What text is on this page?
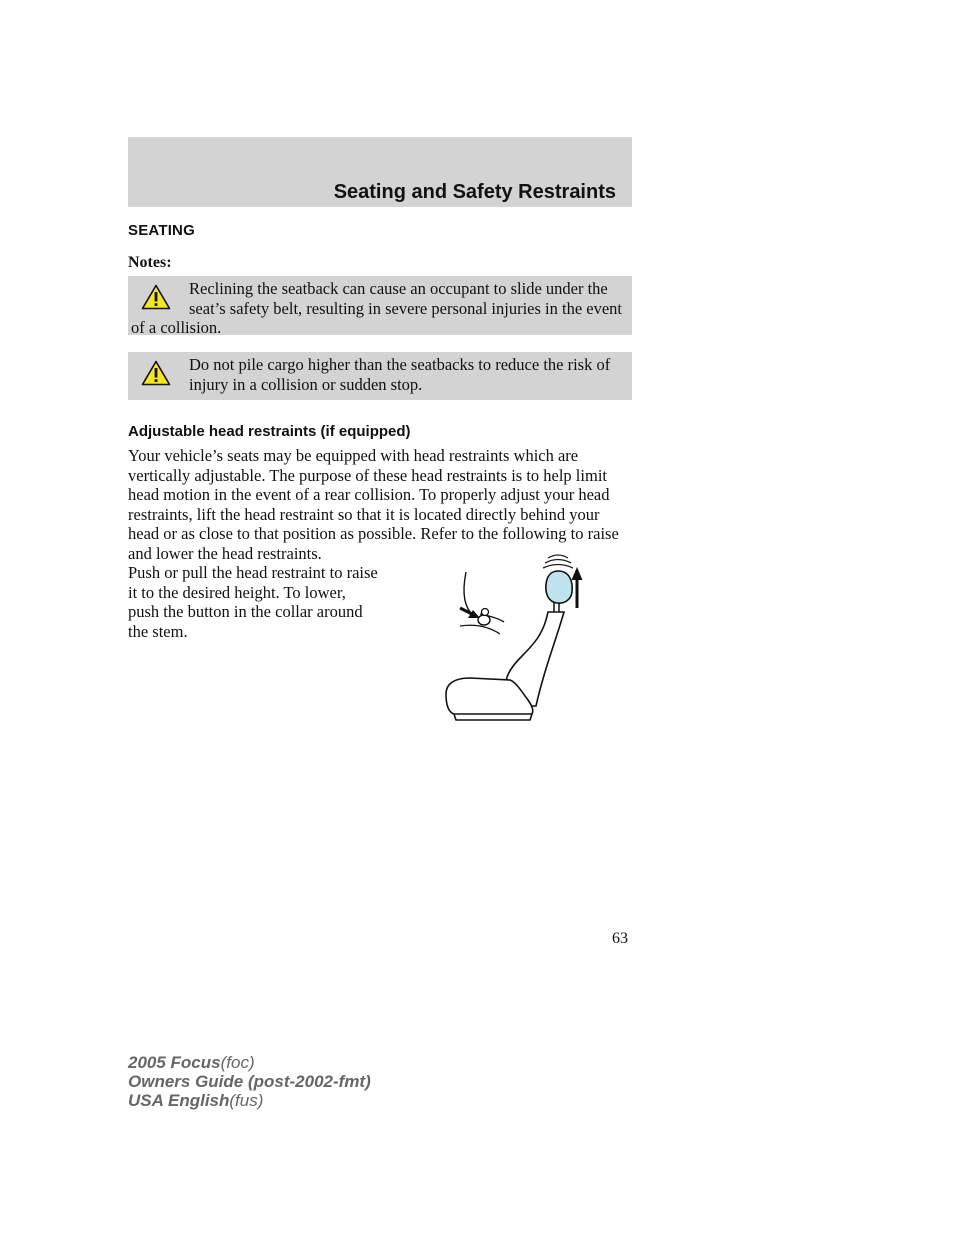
Seating and Safety Restraints
SEATING

Notes:

Reclining the seatback can cause an occupant to slide under the seat’s safety belt, resulting in severe personal injuries in the event of a collision.

Do not pile cargo higher than the seatbacks to reduce the risk of injury in a collision or sudden stop.

Adjustable head restraints (if equipped)

Your vehicle’s seats may be equipped with head restraints which are vertically adjustable. The purpose of these head restraints is to help limit head motion in the event of a rear collision. To properly adjust your head restraints, lift the head restraint so that it is located directly behind your head or as close to that position as possible. Refer to the following to raise and lower the head restraints.

Push or pull the head restraint to raise it to the desired height. To lower, push the button in the collar around the stem.

63

2005 Focus(foc)
Owners Guide (post-2002-fmt)
USA English(fus)
